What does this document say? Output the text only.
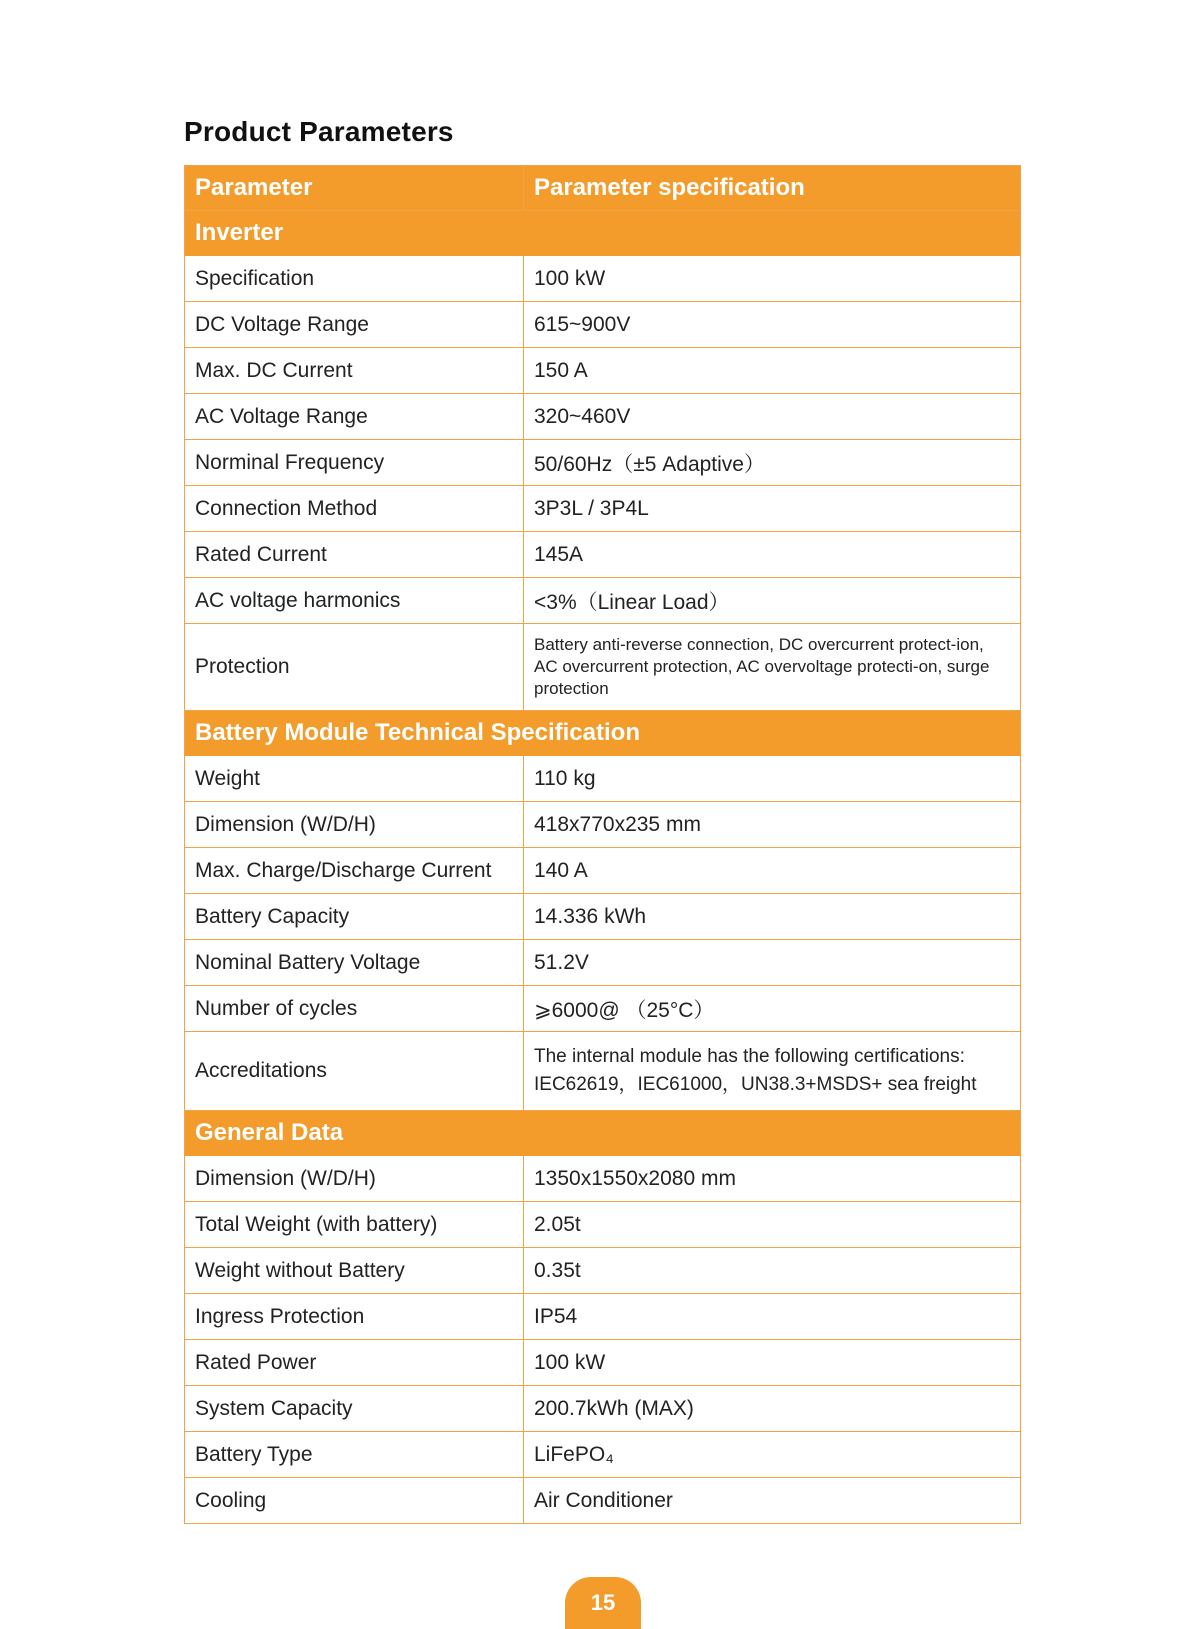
Product Parameters
Parameter	Parameter specification
Inverter	
Specification	100 kW
DC Voltage Range	615~900V
Max. DC Current	150 A
AC Voltage Range	320~460V
Norminal Frequency	50/60Hz（±5 Adaptive）
Connection Method	3P3L / 3P4L
Rated Current	145A
AC voltage harmonics	<3%（Linear Load）
Protection	Battery anti-reverse connection, DC overcurrent protect-ion, AC overcurrent protection, AC overvoltage protecti-on, surge protection
Battery Module Technical Specification	
Weight	110 kg
Dimension (W/D/H)	418x770x235 mm
Max. Charge/Discharge Current	140 A
Battery Capacity	14.336 kWh
Nominal Battery Voltage	51.2V
Number of cycles	⩾6000@ （25°C）
Accreditations	The internal module has the following certifications: IEC62619，IEC61000，UN38.3+MSDS+ sea freight
General Data	
Dimension (W/D/H)	1350x1550x2080 mm
Total Weight (with battery)	2.05t
Weight without Battery	0.35t
Ingress Protection	IP54
Rated Power	100 kW
System Capacity	200.7kWh (MAX)
Battery Type	LiFePO₄
Cooling	Air Conditioner
15
